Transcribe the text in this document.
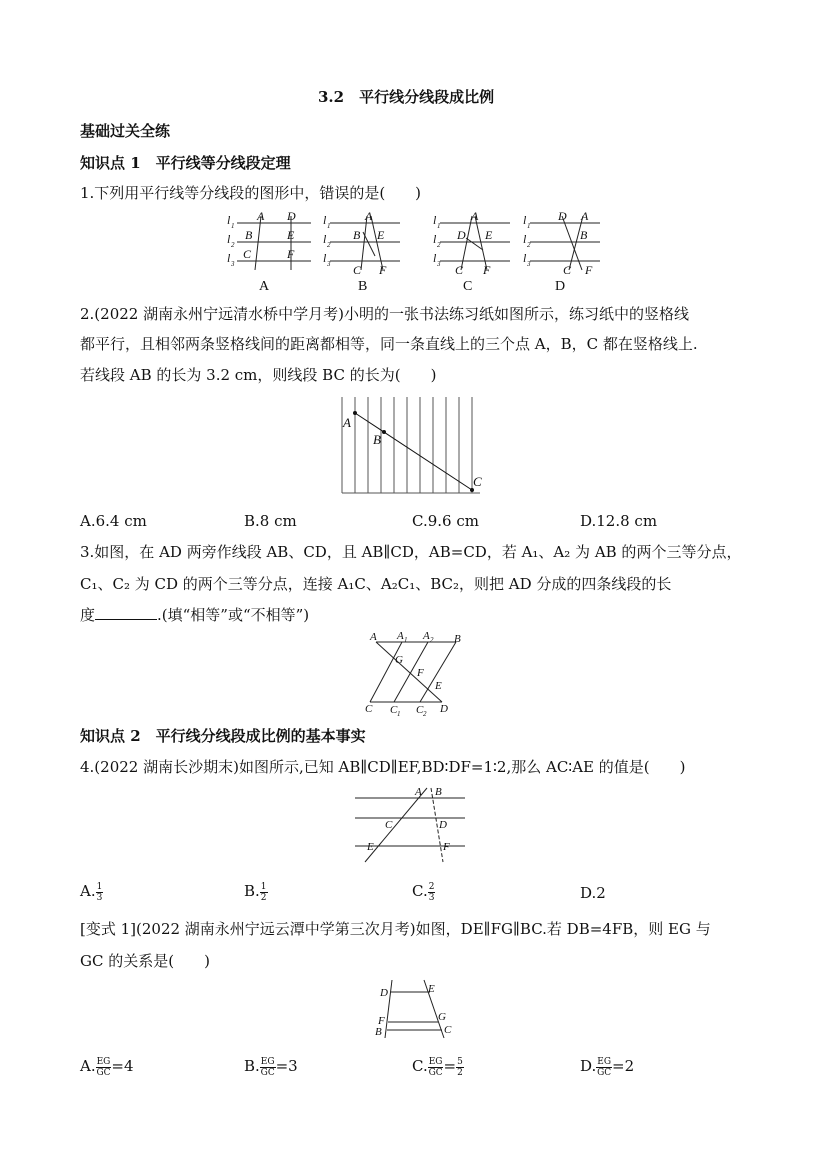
3.2　平行线分线段成比例
基础过关全练
知识点 1　平行线等分线段定理
1.下列用平行线等分线段的图形中，错误的是(　　)
l 1
l 2
l 3
A D
B	E
C	F
l 1
l 2
l 3
A
B E
C F
l 1
l 2
l 3
A
D E
C F
l 1
l 2
l 3
D A
B
C F
A	B	C	D
2.(2022 湖南永州宁远清水桥中学月考)小明的一张书法练习纸如图所示，练习纸中的竖格线
都平行，且相邻两条竖格线间的距离都相等，同一条直线上的三个点 A，B，C 都在竖格线上.
若线段 AB 的长为 3.2 cm，则线段 BC 的长为(　　)
A
B
C
A.6.4 cm	B.8 cm	C.9.6 cm	D.12.8 cm
3.如图，在 AD 两旁作线段 AB、CD，且 AB∥CD，AB=CD，若 A₁、A₂ 为 AB 的两个三等分点，
C₁、C₂ 为 CD 的两个三等分点，连接 A₁C、A₂C₁、BC₂，则把 AD 分成的四条线段的长
度	.(填“相等”或“不相等”)
A A 1 A 2 B
G
F
E
C C 1 C 2 D
知识点 2　平行线分线段成比例的基本事实
4.(2022 湖南长沙期末)如图所示,已知 AB∥CD∥EF,BD∶DF=1∶2,那么 AC∶AE 的值是(　　)
A B
C	D
E	F
A. $\frac{1}{3}$	B. $\frac{1}{2}$	C. $\frac{2}{3}$	D.2
[变式 1](2022 湖南永州宁远云潭中学第三次月考)如图，DE∥FG∥BC.若 DB=4FB，则 EG 与
GC 的关系是(　　)
D	E
F	G
B	C
A. $\frac{EG}{GC} =4$	B. $\frac{EG}{GC} =3$	C. $\frac{EG}{GC} = \frac{5}{2}$	D. $\frac{EG}{GC} =2$
